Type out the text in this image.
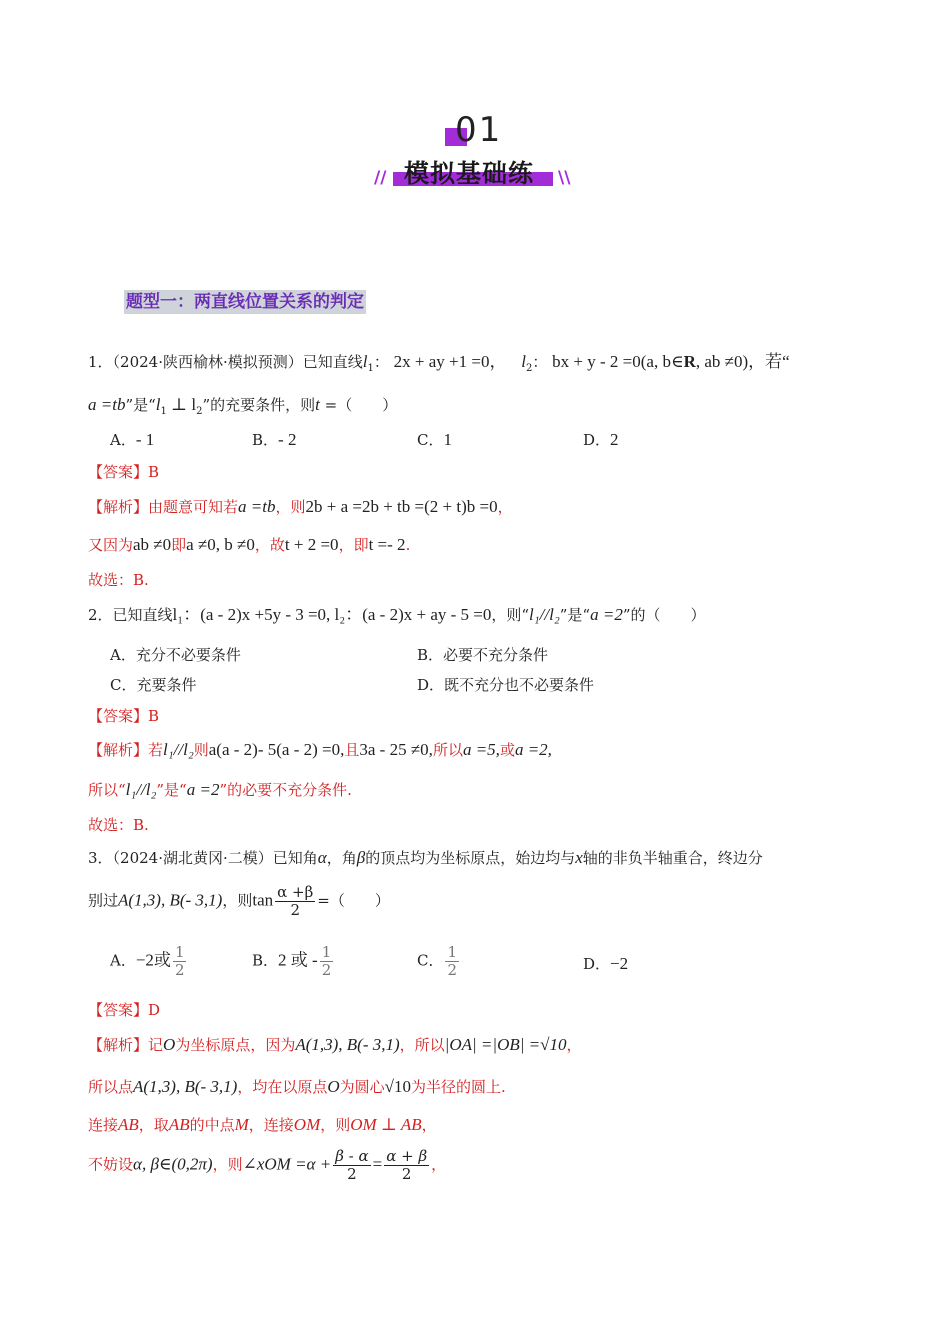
01
模拟基础练
//	\\
题型一：两直线位置关系的判定
1．（2024·陕西榆林·模拟预测）已知直线$l_1$： 2x + ay +1 =0， $l_2$： bx + y - 2 =0(a, b∈R, ab ≠0)，若“
a =tb”是“$l_1$ ⊥ $l_2$”的充要条件，则t =（　　）
A．- 1	B．- 2	C．1	D．2
【答案】B
【解析】由题意可知若a =tb，则2b + a =2b + tb =(2 + t)b =0，
又因为ab ≠0即a ≠0, b ≠0，故t + 2 =0，即t =- 2.
故选：B.
2．已知直线l₁：(a - 2)x +5y - 3 =0, l₂：(a - 2)x + ay - 5 =0，则“l₁//l₂”是“a =2”的（　　）
A．充分不必要条件	B．必要不充分条件
C．充要条件	D．既不充分也不必要条件
【答案】B
【解析】若l₁//l₂则a(a - 2)- 5(a - 2) =0,且3a - 25 ≠0,所以a =5,或a =2,
所以“l₁//l₂”是“a =2”的必要不充分条件.
故选：B.
3．（2024·湖北黄冈·二模）已知角α，角β的顶点均为坐标原点，始边均与x轴的非负半轴重合，终边分
别过A(1,3), B(- 3,1)，则$\tan \frac{\alpha +\beta}{2}$ =（　　）
A．−2或 $\frac{1}{2}$	B．2 或 - $\frac{1}{2}$	C． $\frac{1}{2}$	D．−2
【答案】D
【解析】记O为坐标原点，因为A(1,3), B(- 3,1)，所以|OA| =|OB| =√10，
所以点A(1,3), B(- 3,1)，均在以原点O为圆心√10为半径的圆上.
连接AB，取AB的中点M，连接OM，则OM ⊥ AB，
不妨设α, β∈(0,2π)，则∠xOM $=\alpha + \frac{\beta - \alpha}{2} = \frac{\alpha + \beta}{2}$ ，
